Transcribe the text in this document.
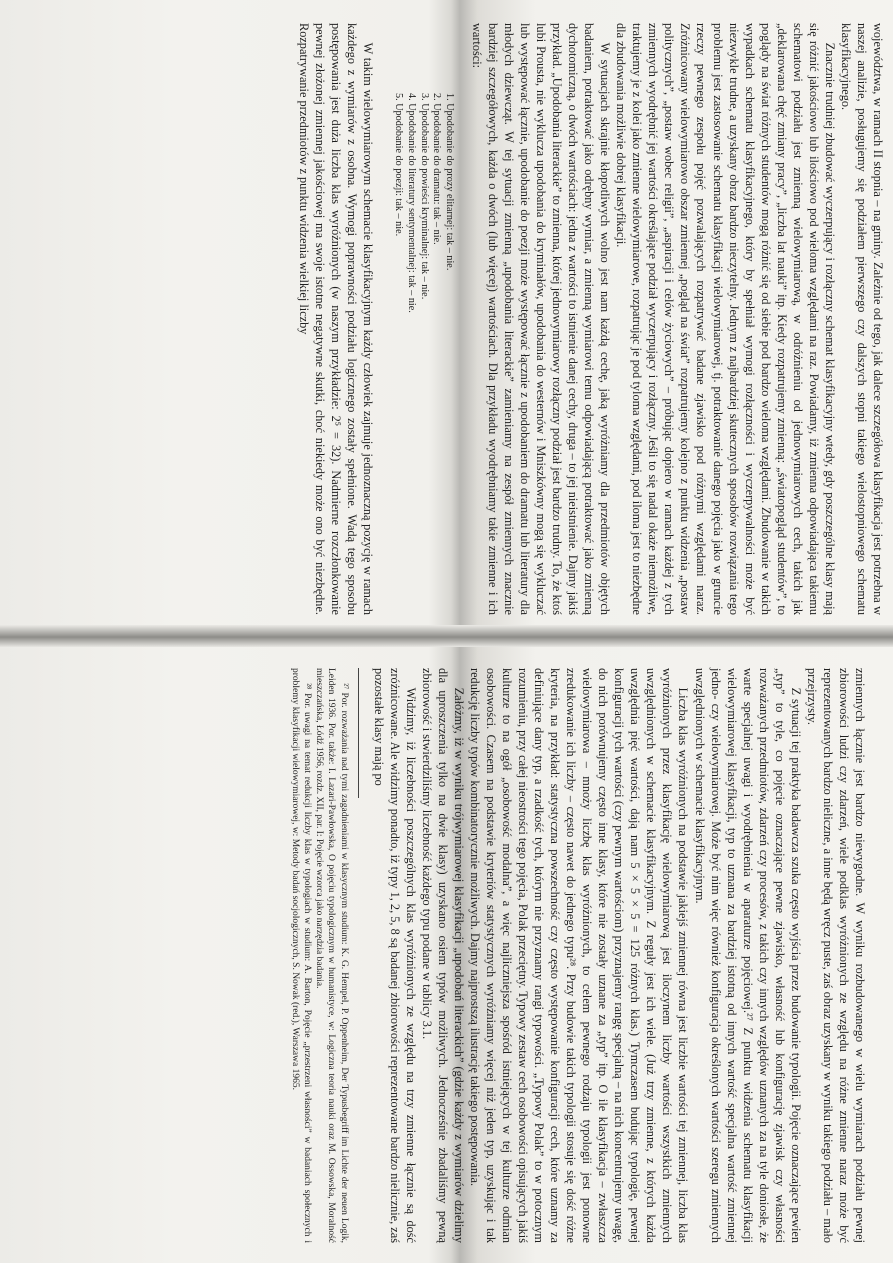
województwa, w ramach II stopnia – na gminy. Zależnie od tego, jak dalece szczegółowa klasyfikacja jest potrzebna w naszej analizie, posługujemy się podziałem pierwszego czy dalszych stopni takiego wielostopniowego schematu klasyfikacyjnego.

Znacznie trudniej zbudować wyczerpujący i rozłączny schemat klasyfikacyjny wtedy, gdy poszczególne klasy mają się różnić jakościowo lub ilościowo pod wieloma względami na raz. Powiadamy, iż zmienna odpowiadająca takiemu schematowi podziału jest zmienną wielowymiarową, w odróżnieniu od jednowymiarowych cech, takich jak „deklarowana chęć zmiany pracy”, „liczba lat nauki” itp. Kiedy rozpatrujemy zmienną: „światopogląd studentów”, to poglądy na świat różnych studentów mogą różnić się od siebie pod bardzo wieloma względami. Zbudowanie w takich wypadkach schematu klasyfikacyjnego, który by spełniał wymogi rozłączności i wyczerpywalności może być niezwykle trudne, a uzyskany obraz bardzo nieczytelny. Jednym z najbardziej skutecznych sposobów rozwiązania tego problemu jest zastosowanie schematu klasyfikacji wielowymiarowej, tj. potraktowanie danego pojęcia jako w gruncie rzeczy pewnego zespołu pojęć pozwalających rozpatrywać badane zjawisko pod różnymi względami naraz. Zróżnicowany wielowymiarowo obszar zmiennej „pogląd na świat” rozpatrujemy kolejno z punktu widzenia „postaw politycznych”, „postaw wobec religii”, „aspiracji i celów życiowych” – próbując dopiero w ramach każdej z tych zmiennych wyodrębnić jej wartości określające podział wyczerpujący i rozłączny. Jeśli to się nadal okaże niemożliwe, traktujemy je z kolei jako zmienne wielowymiarowe, rozpatrując je pod tyloma względami, pod iloma jest to niezbędne dla zbudowania możliwie dobrej klasyfikacji.

W sytuacjach skrajnie kłopotliwych wolno jest nam każdą cechę, jaką wyróżniamy dla przedmiotów objętych badaniem, potraktować jako odrębny wymiar, a zmienną wymiarowi temu odpowiadającą potraktować jako zmienną dychotomiczną, o dwóch wartościach: jedna z wartości to istnienie danej cechy, druga – to jej nieistnienie. Dajmy jakiś przykład. „Upodobania literackie” to zmienna, której jednowymiarowy rozłączny podział jest bardzo trudny. To, że ktoś lubi Prousta, nie wyklucza upodobania do kryminałów, upodobania do westernów i Mniszkówny mogą się wykluczać lub występować łącznie, upodobanie do poezji może występować łącznie z upodobaniem do dramatu lub literatury dla młodych dziewcząt. W tej sytuacji zmienną „upodobania literackie” zamieniamy na zespół zmiennych znacznie bardziej szczegółowych, każda o dwóch (lub więcej) wartościach. Dla przykładu wyodrębniamy takie zmienne i ich wartości:

1. Upodobanie do prozy elitarnej: tak – nie.
2. Upodobanie do dramatu: tak – nie.
3. Upodobanie do powieści kryminalnej: tak – nie.
4. Upodobanie do literatury sentymentalnej: tak – nie.
5. Upodobanie do poezji: tak – nie.

W takim wielowymiarowym schemacie klasyfikacyjnym każdy człowiek zajmuje jednoznaczną pozycję w ramach każdego z wymiarów z osobna. Wymogi poprawności podziału logicznego zostały spełnione. Wadą tego sposobu postępowania jest duża liczba klas wyróżnionych (w naszym przykładzie: 2⁵ = 32). Nadmierne rozczłonkowanie pewnej złożonej zmiennej jakościowej ma swoje istotne negatywne skutki, choć niekiedy może ono być niezbędne. Rozpatrywanie przedmiotów z punktu widzenia wielkiej liczby

zmiennych łącznie jest bardzo niewygodne. W wyniku rozbudowanego w wielu wymiarach podziału pewnej zbiorowości ludzi czy zdarzeń, wiele podklas wyróżnionych ze względu na różne zmienne naraz może być reprezentowanych bardzo nieliczne, a inne będą wręcz puste, zaś obraz uzyskany w wyniku takiego podziału – mało przejrzysty.

Z sytuacji tej praktyka badawcza szuka często wyjścia przez budowanie typologii. Pojęcie oznaczające pewien „typ” to tyle, co pojęcie oznaczające pewne zjawisko, własność lub konfigurację zjawisk czy własności rozważanych przedmiotów, zdarzeń czy procesów, z takich czy innych względów uznanych za na tyle doniosłe, że warte specjalnej uwagi i wyodrębnienia w aparaturze pojęciowej.²⁷ Z punktu widzenia schematu klasyfikacji wielowymiarowej klasyfikacji, typ to uznana za bardziej istotną od innych wartość specjalna wartość zmiennej jedno- czy wielowymiarowej. Może być nim więc również konfiguracja określonych wartości szeregu zmiennych uwzględnionych w schemacie klasyfikacyjnym.

Liczba klas wyróżnionych na podstawie jakiejś zmiennej równa jest liczbie wartości tej zmiennej, liczba klas wyróżnionych przez klasyfikację wielowymiarową jest iloczynem liczby wartości wszystkich zmiennych uwzględnionych w schemacie klasyfikacyjnym. Z reguły jest ich wiele. (Już trzy zmienne, z których każda uwzględnia pięć wartości, dają nam 5 × 5 × 5 = 125 różnych klas.) Tymczasem budując typologię, pewnej konfiguracji tych wartości (czy pewnym wartościom) przyznajemy rangę specjalną – na nich koncentrujemy uwagę, do nich porównujemy często inne klasy, które nie zostały uznane za „typ” itp. O ile klasyfikacja – zwłaszcza wielowymiarowa – mnoży liczbę klas wyróżnionych, to celem pewnego rodzaju typologii jest ponowne zredukowanie ich liczby – często nawet do jednego typu²⁸. Przy budowie takich typologii stosuje się dość różne kryteria, na przykład: statystyczna powszechność czy często występowanie konfiguracji cech, które uznamy za definiujące dany typ, a rzadkość tych, którym nie przyznamy rangi typowości. „Typowy Polak” to w potocznym rozumieniu, przy całej nieostrości tego pojęcia, Polak przeciętny. Typowy zestaw cech osobowości opisujących jakiś kulturze to na ogół „osobowość modalna”, a więc najliczniejsza spośród istniejących w tej kulturze odmian osobowości. Czasem na podstawie kryteriów statystycznych wyróżniamy więcej niż jeden typ, uzyskując i tak redukcję liczby typów kombinatorycznie możliwych. Dajmy najprostszą ilustrację takiego postępowania.

Załóżmy, iż w wyniku trójwymiarowej klasyfikacji „upodobań literackich” (gdzie każdy z wymiarów dzielimy dla uproszczenia tylko na dwie klasy) uzyskano osiem typów możliwych. Jednocześnie zbadaliśmy pewną zbiorowość i stwierdziliśmy liczebność każdego typu podane w tablicy 3.1.

Widzimy, iż liczebności poszczególnych klas wyróżnionych ze względu na trzy zmienne łącznie są dość zróżnicowane. Ale widzimy ponadto, iż typy 1, 2, 5, 8 są badanej zbiorowości reprezentowane bardzo nielicznie, zaś pozostałe klasy mają po

²⁷ Por. rozważania nad tymi zagadnieniami w klasycznym studium: K. G. Hempel, P. Oppenheim, Der Typusbegriff im Lichte der neuen Logik, Leiden 1936. Por. także: I. Lazari-Pawłowska, O pojęciu typologicznym w humanistyce, w: Logiczna teoria nauki oraz M. Ossowska, Moralność mieszczańska, Łódź 1956, rozdz. XII, par. I: Pojęcie wzorca jako narzędzia badania.

²⁸ Por. uwagi na temat redukcji liczby klas w typologiach w studium: A. Barton, Pojęcie „przestrzeni własności” w badaniach społecznych i problemy klasyfikacji wielowymiarowej, w: Metody badań socjologicznych, S. Nowak (red.), Warszawa 1965.
